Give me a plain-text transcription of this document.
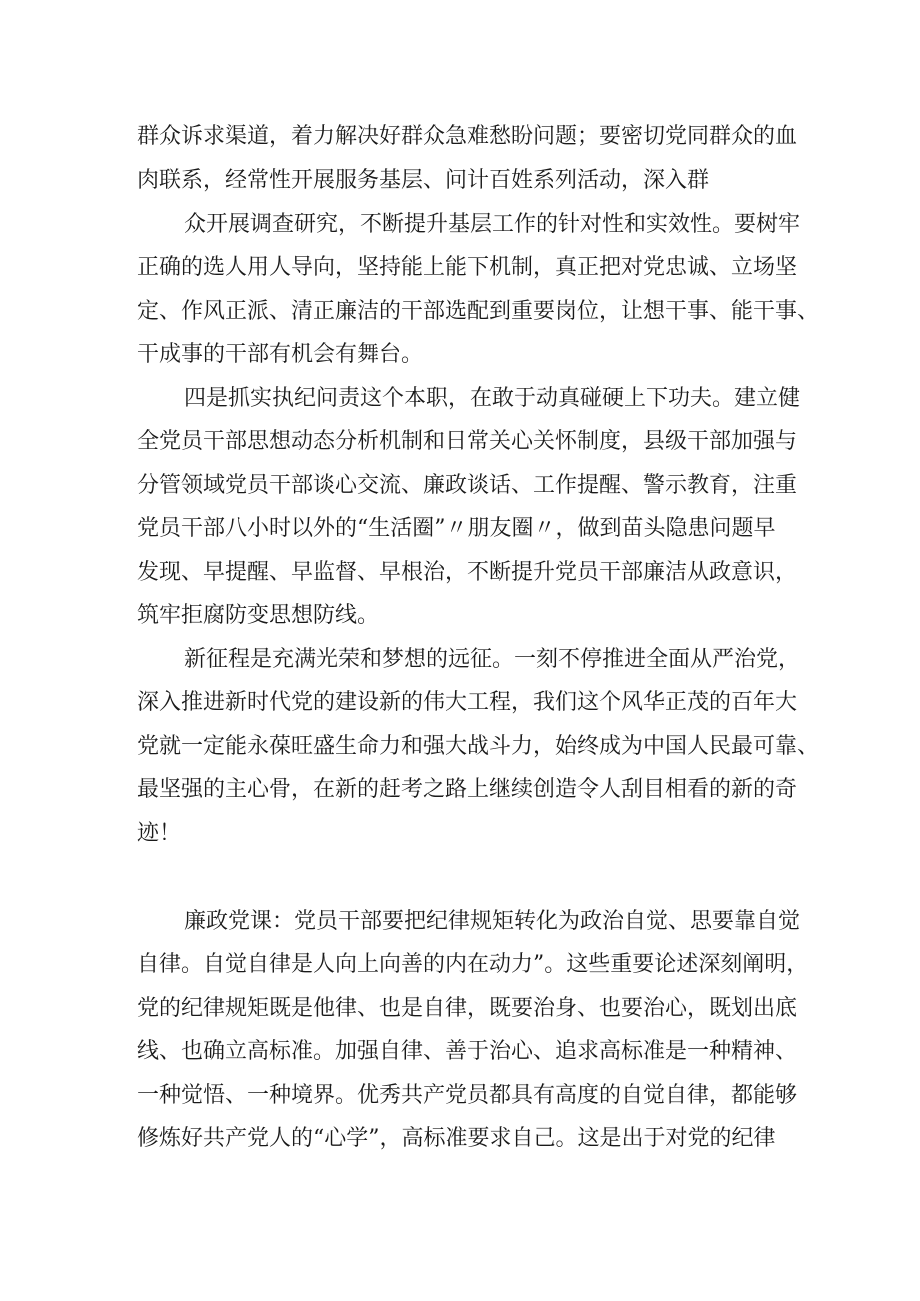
群众诉求渠道，着力解决好群众急难愁盼问题；要密切党同群众的血
肉联系，经常性开展服务基层、问计百姓系列活动，深入群
众开展调查研究，不断提升基层工作的针对性和实效性。要树牢
正确的选人用人导向，坚持能上能下机制，真正把对党忠诚、立场坚
定、作风正派、清正廉洁的干部选配到重要岗位，让想干事、能干事、
干成事的干部有机会有舞台。
四是抓实执纪问责这个本职，在敢于动真碰硬上下功夫。建立健
全党员干部思想动态分析机制和日常关心关怀制度，县级干部加强与
分管领域党员干部谈心交流、廉政谈话、工作提醒、警示教育，注重
党员干部八小时以外的“生活圈”〃朋友圈〃，做到苗头隐患问题早
发现、早提醒、早监督、早根治，不断提升党员干部廉洁从政意识，
筑牢拒腐防变思想防线。
新征程是充满光荣和梦想的远征。一刻不停推进全面从严治党，
深入推进新时代党的建设新的伟大工程，我们这个风华正茂的百年大
党就一定能永葆旺盛生命力和强大战斗力，始终成为中国人民最可靠、
最坚强的主心骨，在新的赶考之路上继续创造令人刮目相看的新的奇
迹！
廉政党课：党员干部要把纪律规矩转化为政治自觉、思要靠自觉
自律。自觉自律是人向上向善的内在动力”。这些重要论述深刻阐明，
党的纪律规矩既是他律、也是自律，既要治身、也要治心，既划出底
线、也确立高标准。加强自律、善于治心、追求高标准是一种精神、
一种觉悟、一种境界。优秀共产党员都具有高度的自觉自律，都能够
修炼好共产党人的“心学”，高标准要求自己。这是出于对党的纪律
